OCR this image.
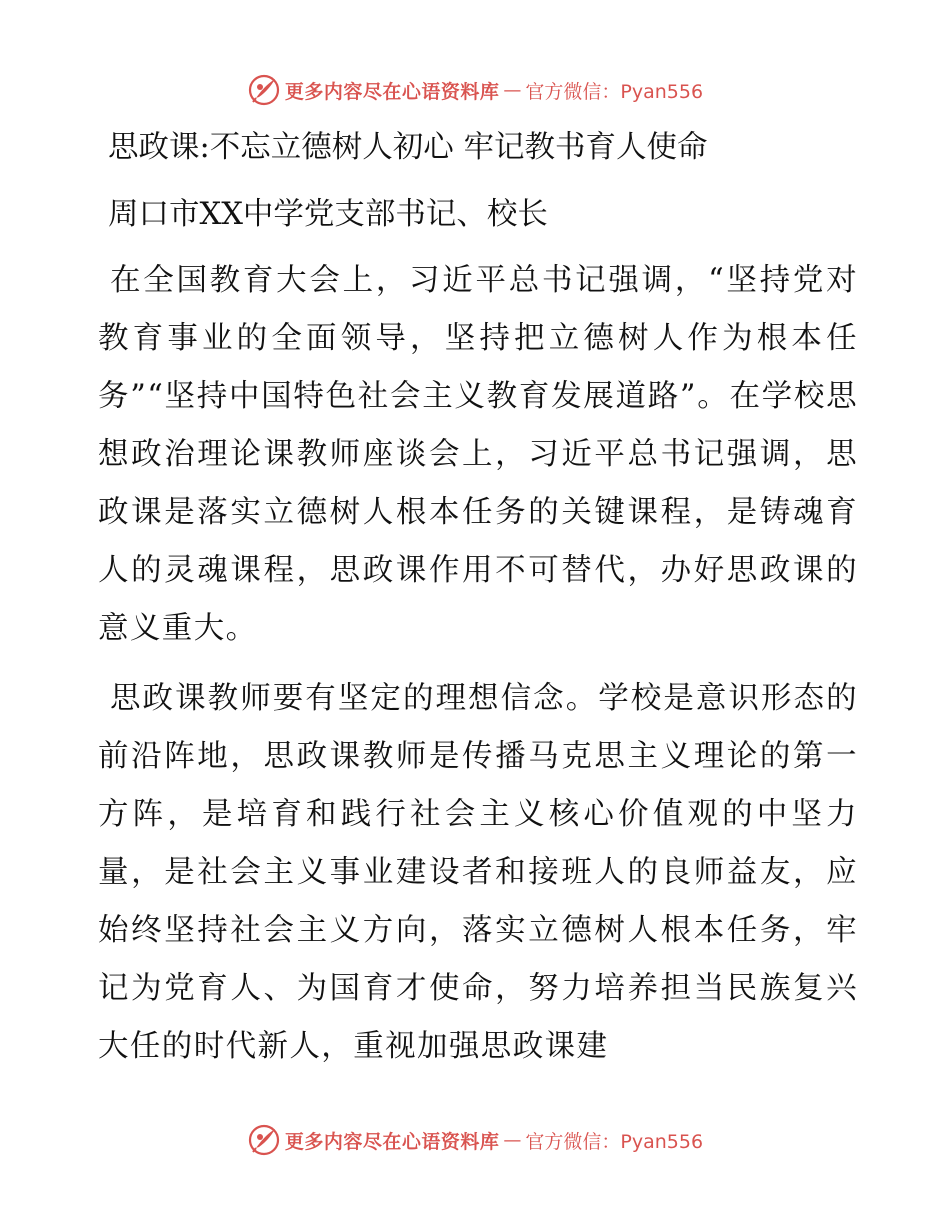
更多内容尽在心语资料库 — 官方微信：Pyan556
思政课:不忘立德树人初心 牢记教书育人使命
周口市XX中学党支部书记、校长

在全国教育大会上，习近平总书记强调，“坚持党对教育事业的全面领导，坚持把立德树人作为根本任务”“坚持中国特色社会主义教育发展道路”。在学校思想政治理论课教师座谈会上，习近平总书记强调，思政课是落实立德树人根本任务的关键课程，是铸魂育人的灵魂课程，思政课作用不可替代，办好思政课的意义重大。

思政课教师要有坚定的理想信念。学校是意识形态的前沿阵地，思政课教师是传播马克思主义理论的第一方阵，是培育和践行社会主义核心价值观的中坚力量，是社会主义事业建设者和接班人的良师益友，应始终坚持社会主义方向，落实立德树人根本任务，牢记为党育人、为国育才使命，努力培养担当民族复兴大任的时代新人，重视加强思政课建

更多内容尽在心语资料库 — 官方微信：Pyan556
